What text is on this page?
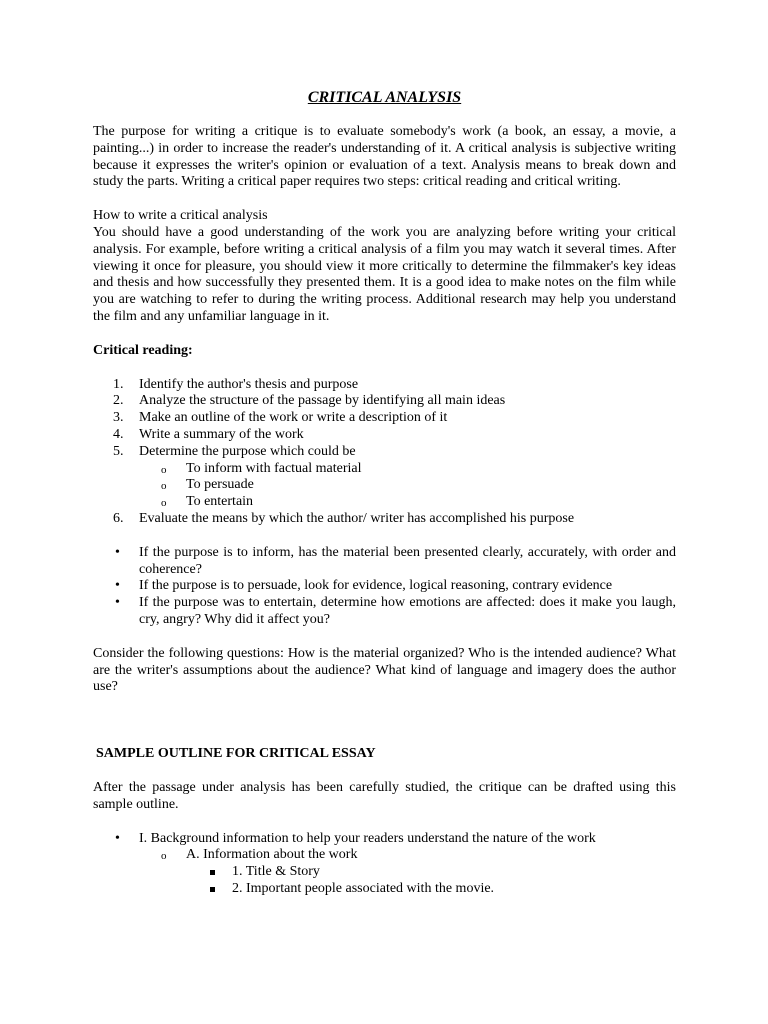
CRITICAL ANALYSIS

The purpose for writing a critique is to evaluate somebody's work (a book, an essay, a movie, a painting...) in order to increase the reader's understanding of it. A critical analysis is subjective writing because it expresses the writer's opinion or evaluation of a text. Analysis means to break down and study the parts. Writing a critical paper requires two steps: critical reading and critical writing.

How to write a critical analysis

You should have a good understanding of the work you are analyzing before writing your critical analysis. For example, before writing a critical analysis of a film you may watch it several times. After viewing it once for pleasure, you should view it more critically to determine the filmmaker's key ideas and thesis and how successfully they presented them. It is a good idea to make notes on the film while you are watching to refer to during the writing process. Additional research may help you understand the film and any unfamiliar language in it.

Critical reading:

1.	Identify the author's thesis and purpose
2.	Analyze the structure of the passage by identifying all main ideas
3.	Make an outline of the work or write a description of it
4.	Write a summary of the work
5.	Determine the purpose which could be
o To inform with factual material
o To persuade
o To entertain
6.	Evaluate the means by which the author/ writer has accomplished his purpose
• If the purpose is to inform, has the material been presented clearly, accurately, with order and coherence?
• If the purpose is to persuade, look for evidence, logical reasoning, contrary evidence
• If the purpose was to entertain, determine how emotions are affected: does it make you laugh, cry, angry? Why did it affect you?

Consider the following questions: How is the material organized? Who is the intended audience? What are the writer's assumptions about the audience? What kind of language and imagery does the author use?

SAMPLE OUTLINE FOR CRITICAL ESSAY

After the passage under analysis has been carefully studied, the critique can be drafted using this sample outline.

• I. Background information to help your readers understand the nature of the work
o A. Information about the work
1. Title & Story
2. Important people associated with the movie.
